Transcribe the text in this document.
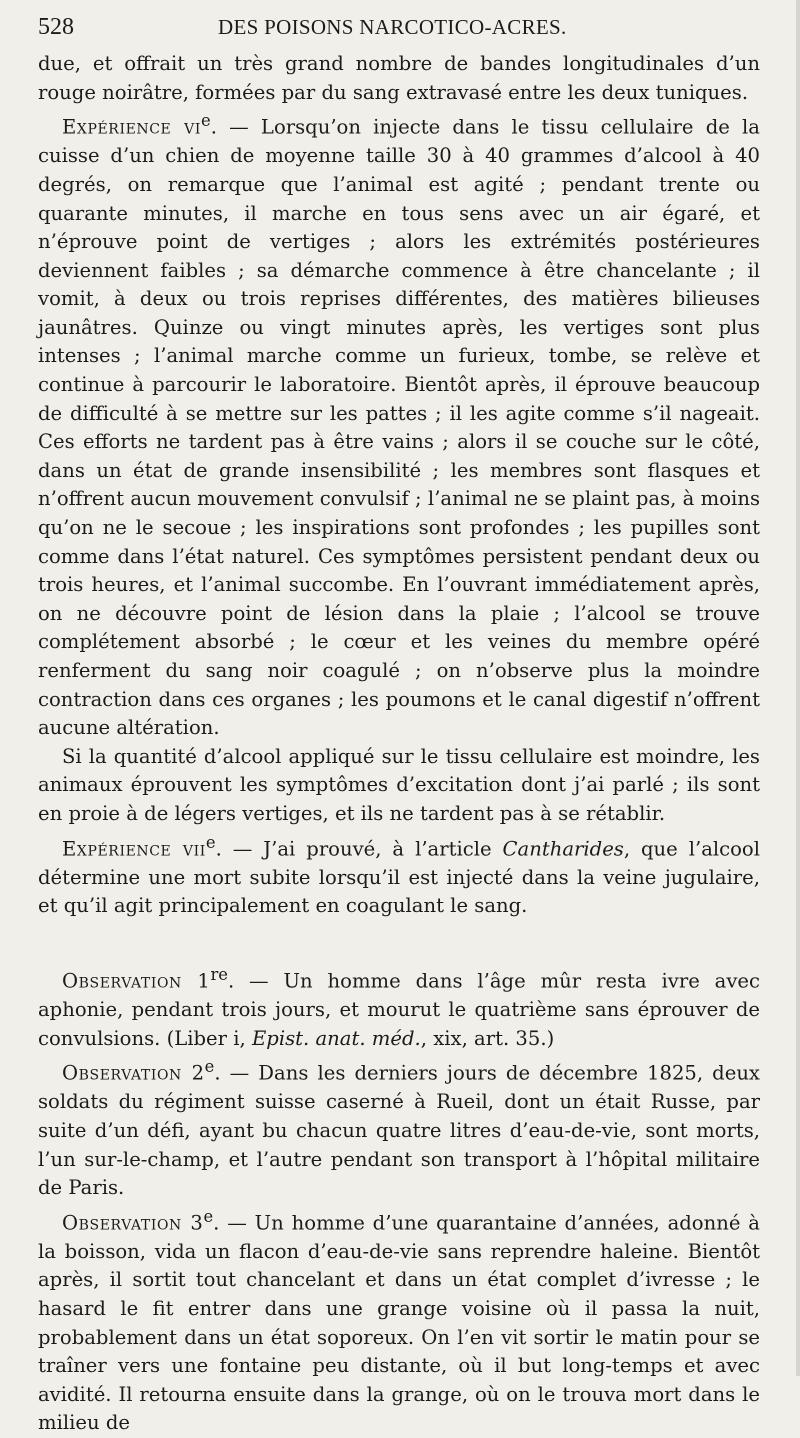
528	DES POISONS NARCOTICO-ACRES.

due, et offrait un très grand nombre de bandes longitudinales d’un rouge noirâtre, formées par du sang extravasé entre les deux tuniques.

Expérience $vi^e$. — Lorsqu’on injecte dans le tissu cellulaire de la cuisse d’un chien de moyenne taille 30 à 40 grammes d’alcool à 40 degrés, on remarque que l’animal est agité ; pendant trente ou quarante minutes, il marche en tous sens avec un air égaré, et n’éprouve point de vertiges ; alors les extrémités postérieures deviennent faibles ; sa démarche commence à être chancelante ; il vomit, à deux ou trois reprises différentes, des matières bilieuses jaunâtres. Quinze ou vingt minutes après, les vertiges sont plus intenses ; l’animal marche comme un furieux, tombe, se relève et continue à parcourir le laboratoire. Bientôt après, il éprouve beaucoup de difficulté à se mettre sur les pattes ; il les agite comme s’il nageait. Ces efforts ne tardent pas à être vains ; alors il se couche sur le côté, dans un état de grande insensibilité ; les membres sont flasques et n’offrent aucun mouvement convulsif ; l’animal ne se plaint pas, à moins qu’on ne le secoue ; les inspirations sont profondes ; les pupilles sont comme dans l’état naturel. Ces symptômes persistent pendant deux ou trois heures, et l’animal succombe. En l’ouvrant immédiatement après, on ne découvre point de lésion dans la plaie ; l’alcool se trouve complétement absorbé ; le cœur et les veines du membre opéré renferment du sang noir coagulé ; on n’observe plus la moindre contraction dans ces organes ; les poumons et le canal digestif n’offrent aucune altération.

Si la quantité d’alcool appliqué sur le tissu cellulaire est moindre, les animaux éprouvent les symptômes d’excitation dont j’ai parlé ; ils sont en proie à de légers vertiges, et ils ne tardent pas à se rétablir.

Expérience vii$^e$. — J’ai prouvé, à l’article Cantharides, que l’alcool détermine une mort subite lorsqu’il est injecté dans la veine jugulaire, et qu’il agit principalement en coagulant le sang.

Observation 1re. — Un homme dans l’âge mûr resta ivre avec aphonie, pendant trois jours, et mourut le quatrième sans éprouver de convulsions. (Liber i, Epist. anat. méd., xix, art. 35.)

Observation 2e. — Dans les derniers jours de décembre 1825, deux soldats du régiment suisse caserné à Rueil, dont un était Russe, par suite d’un défi, ayant bu chacun quatre litres d’eau-de-vie, sont morts, l’un sur-le-champ, et l’autre pendant son transport à l’hôpital militaire de Paris.

Observation 3e. — Un homme d’une quarantaine d’années, adonné à la boisson, vida un flacon d’eau-de-vie sans reprendre haleine. Bientôt après, il sortit tout chancelant et dans un état complet d’ivresse ; le hasard le fit entrer dans une grange voisine où il passa la nuit, probablement dans un état soporeux. On l’en vit sortir le matin pour se traîner vers une fontaine peu distante, où il but long-temps et avec avidité. Il retourna ensuite dans la grange, où on le trouva mort dans le milieu de
